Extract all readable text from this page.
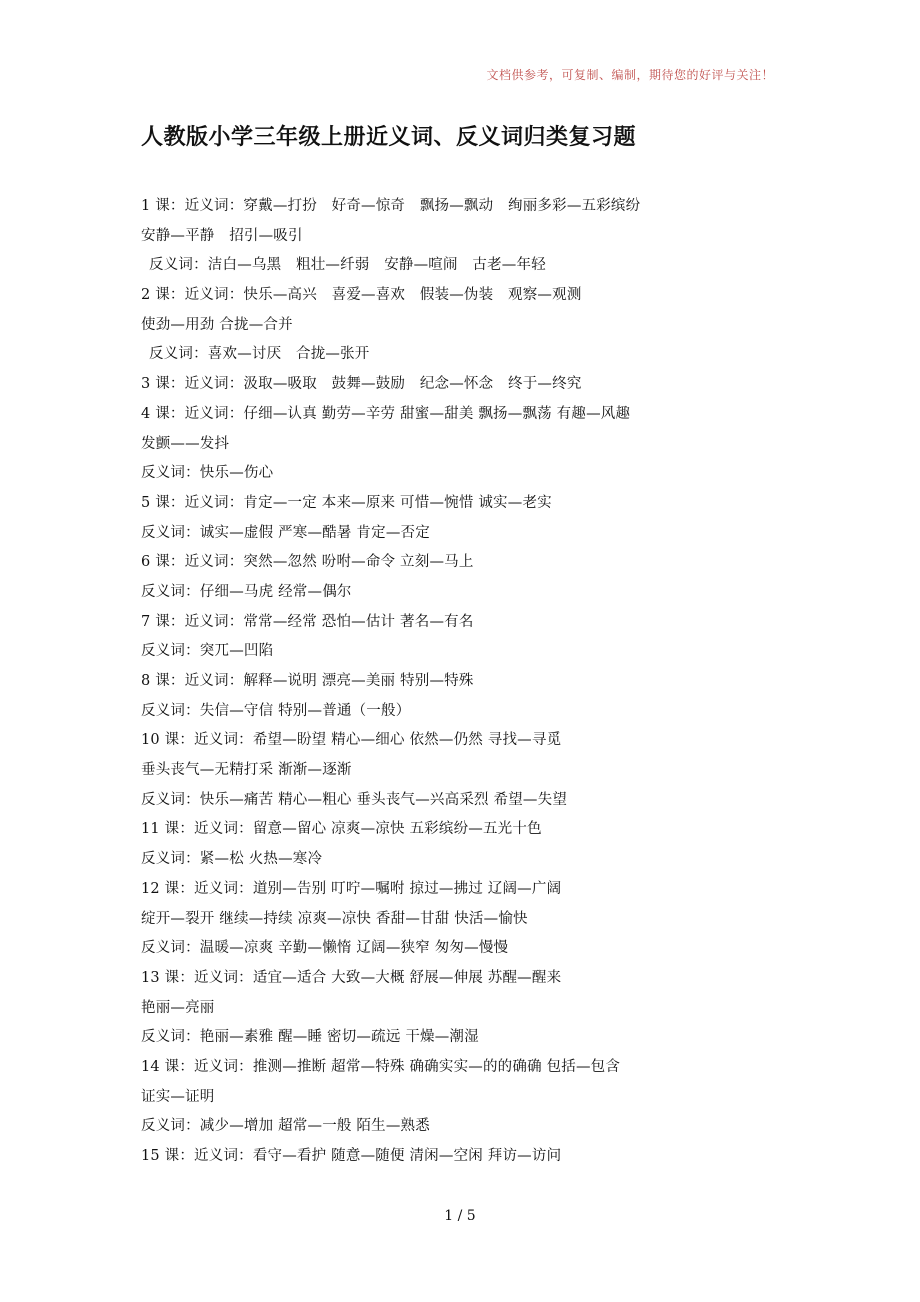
文档供参考，可复制、编制，期待您的好评与关注！
人教版小学三年级上册近义词、反义词归类复习题
1 课：近义词：穿戴—打扮　好奇—惊奇　飘扬—飘动　绚丽多彩—五彩缤纷
安静—平静　招引—吸引
反义词：洁白—乌黑　粗壮—纤弱　安静—喧闹　古老—年轻
2 课：近义词：快乐—高兴　喜爱—喜欢　假装—伪装　观察—观测
使劲—用劲 合拢—合并
反义词：喜欢—讨厌　合拢—张开
3 课：近义词：汲取—吸取　鼓舞—鼓励　纪念—怀念　终于—终究
4 课：近义词：仔细—认真 勤劳—辛劳 甜蜜—甜美 飘扬—飘荡 有趣—风趣
发颤——发抖
反义词：快乐—伤心
5 课：近义词：肯定—一定 本来—原来 可惜—惋惜 诚实—老实
反义词：诚实—虚假 严寒—酷暑 肯定—否定
6 课：近义词：突然—忽然 吩咐—命令 立刻—马上
反义词：仔细—马虎 经常—偶尔
7 课：近义词：常常—经常 恐怕—估计 著名—有名
反义词：突兀—凹陷
8 课：近义词：解释—说明 漂亮—美丽 特别—特殊
反义词：失信—守信 特别—普通（一般）
10 课：近义词：希望—盼望 精心—细心 依然—仍然 寻找—寻觅
垂头丧气—无精打采 渐渐—逐渐
反义词：快乐—痛苦 精心—粗心 垂头丧气—兴高采烈 希望—失望
11 课：近义词：留意—留心 凉爽—凉快 五彩缤纷—五光十色
反义词：紧—松 火热—寒冷
12 课：近义词：道别—告别 叮咛—嘱咐 掠过—拂过 辽阔—广阔
绽开—裂开 继续—持续 凉爽—凉快 香甜—甘甜 快活—愉快
反义词：温暖—凉爽 辛勤—懒惰 辽阔—狭窄 匆匆—慢慢
13 课：近义词：适宜—适合 大致—大概 舒展—伸展 苏醒—醒来
艳丽—亮丽
反义词：艳丽—素雅 醒—睡 密切—疏远 干燥—潮湿
14 课：近义词：推测—推断 超常—特殊 确确实实—的的确确 包括—包含
证实—证明
反义词：减少—增加 超常—一般 陌生—熟悉
15 课：近义词：看守—看护 随意—随便 清闲—空闲 拜访—访问
1 / 5
